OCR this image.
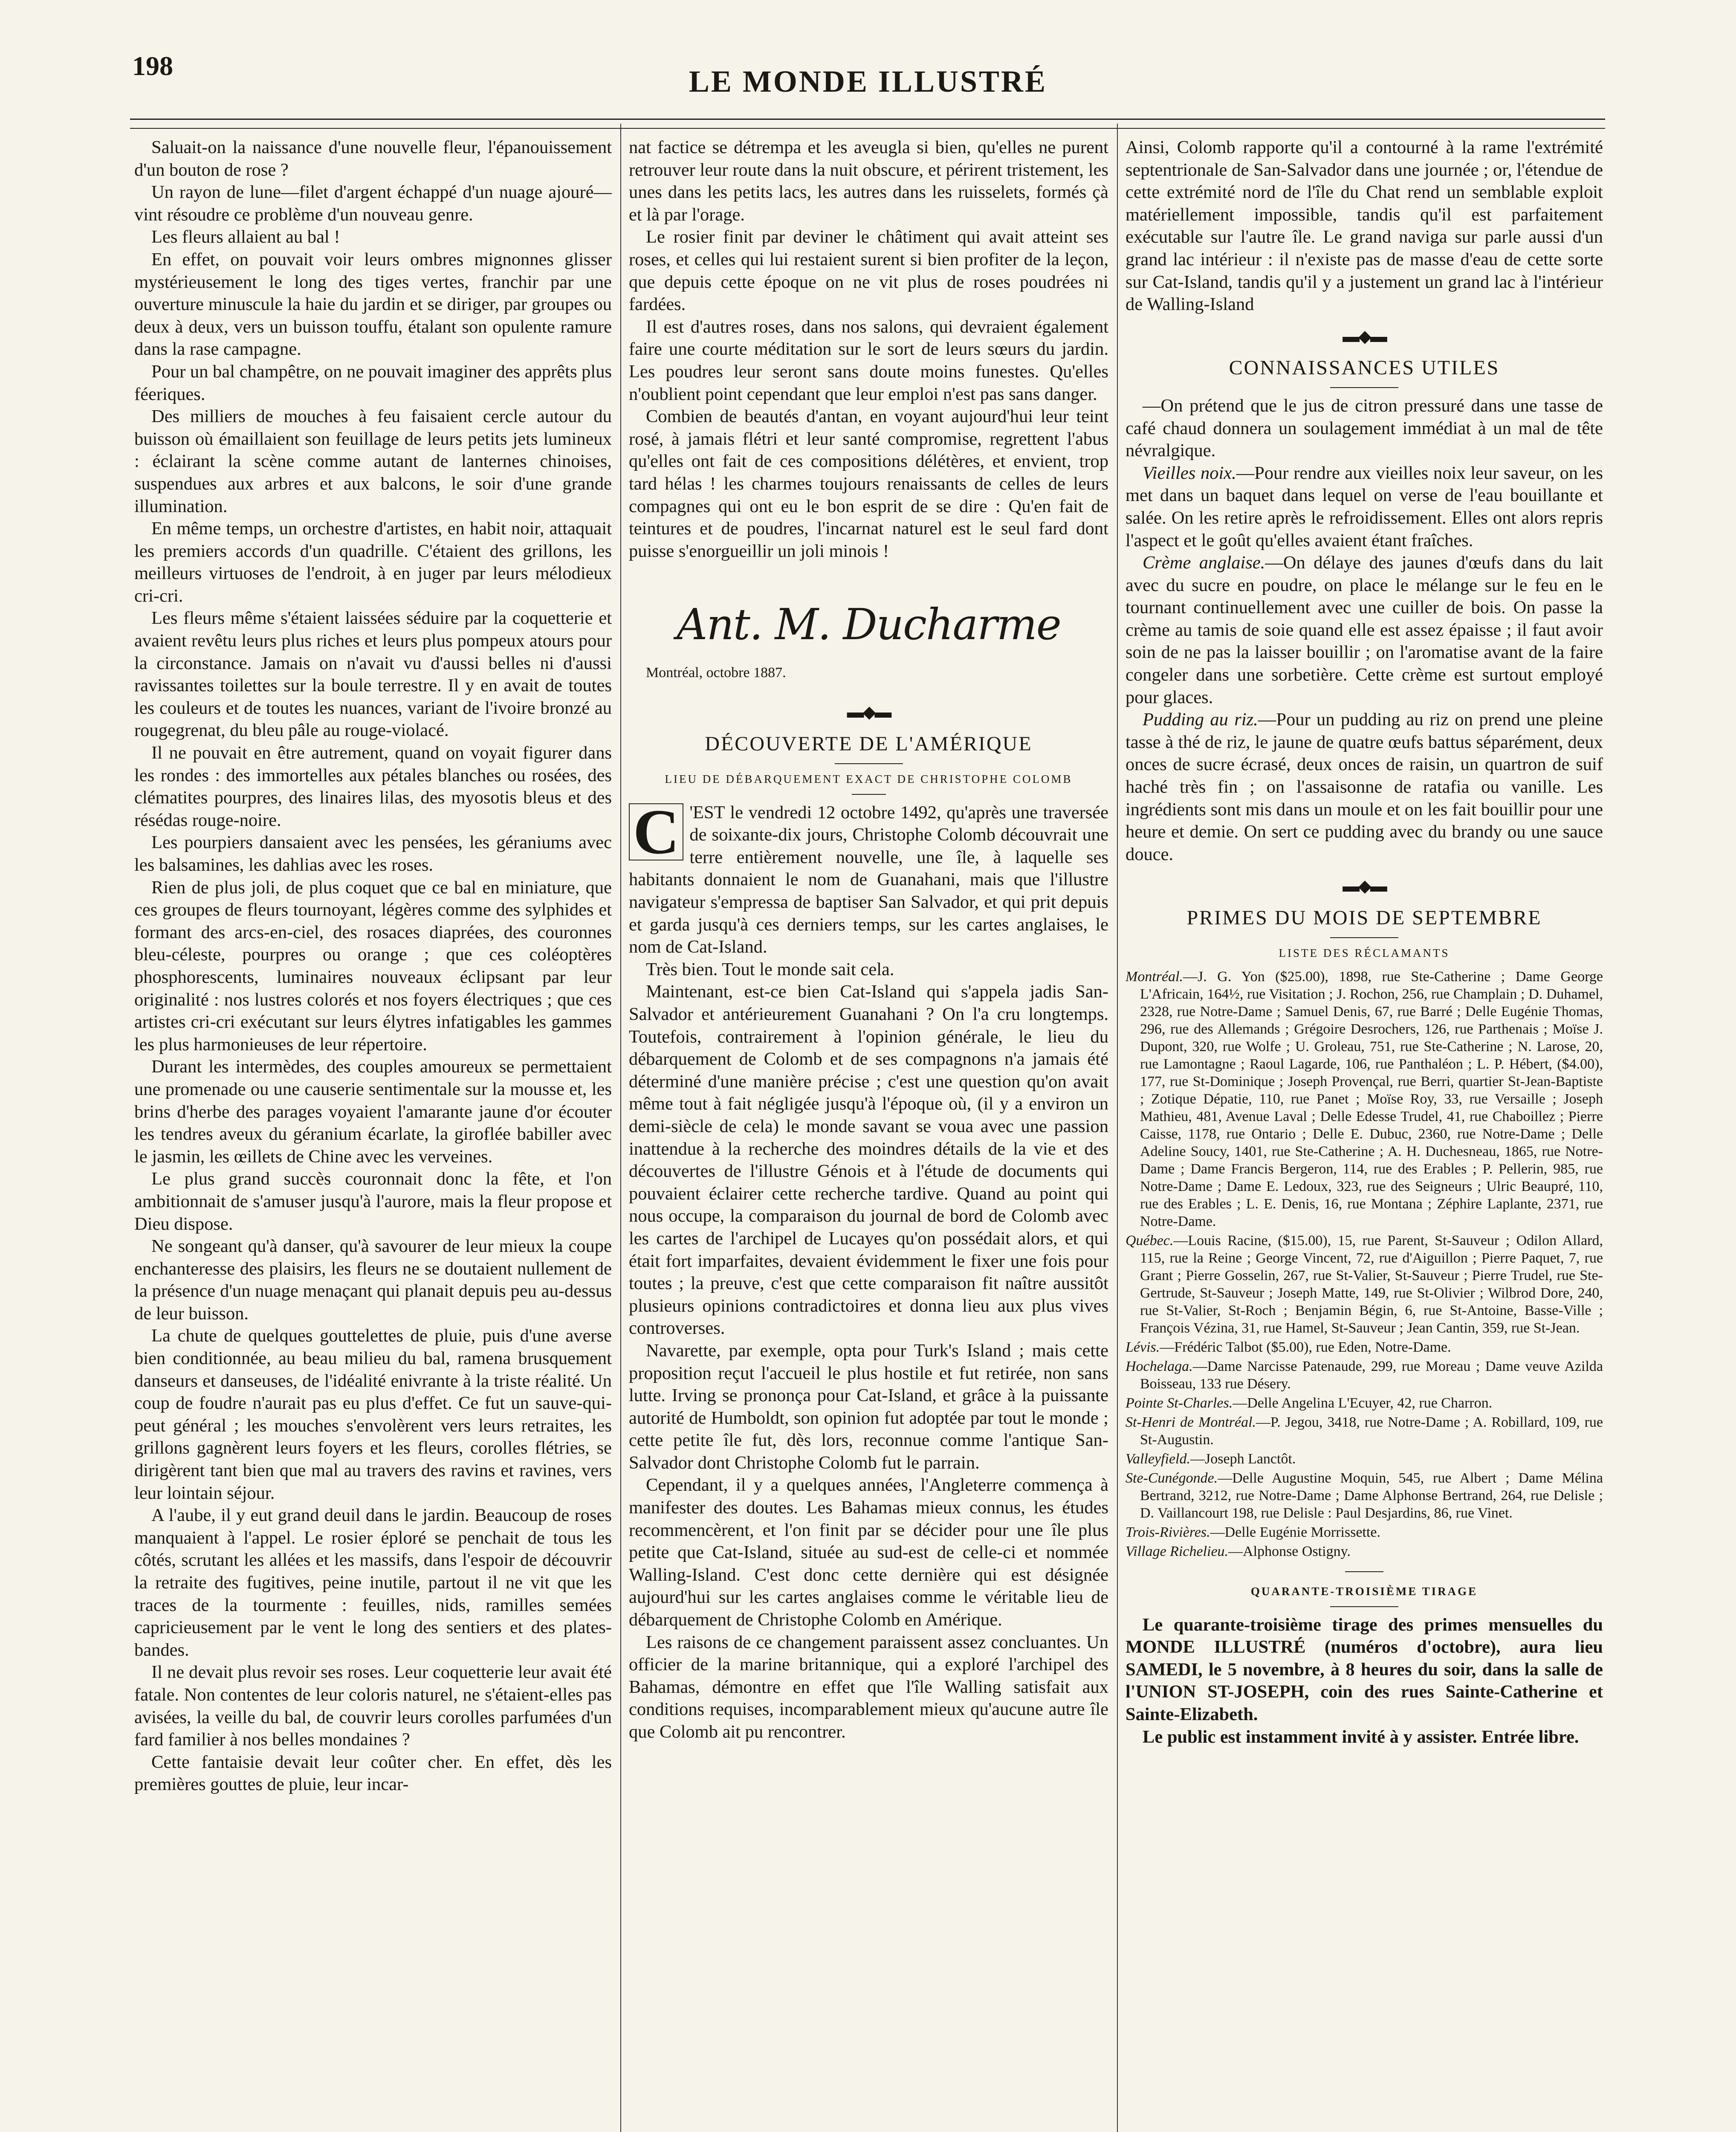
198	LE MONDE ILLUSTRÉ

Saluait-on la naissance d'une nouvelle fleur, l'épanouissement d'un bouton de rose ?

Un rayon de lune—filet d'argent échappé d'un nuage ajouré—vint résoudre ce problème d'un nouveau genre.

Les fleurs allaient au bal !

En effet, on pouvait voir leurs ombres mignonnes glisser mystérieusement le long des tiges vertes, franchir par une ouverture minuscule la haie du jardin et se diriger, par groupes ou deux à deux, vers un buisson touffu, étalant son opulente ramure dans la rase campagne.

Pour un bal champêtre, on ne pouvait imaginer des apprêts plus féeriques.

Des milliers de mouches à feu faisaient cercle autour du buisson où émaillaient son feuillage de leurs petits jets lumineux : éclairant la scène comme autant de lanternes chinoises, suspendues aux arbres et aux balcons, le soir d'une grande illumination.

En même temps, un orchestre d'artistes, en habit noir, attaquait les premiers accords d'un quadrille. C'étaient des grillons, les meilleurs virtuoses de l'endroit, à en juger par leurs mélodieux cri-cri.

Les fleurs même s'étaient laissées séduire par la coquetterie et avaient revêtu leurs plus riches et leurs plus pompeux atours pour la circonstance. Jamais on n'avait vu d'aussi belles ni d'aussi ravissantes toilettes sur la boule terrestre. Il y en avait de toutes les couleurs et de toutes les nuances, variant de l'ivoire bronzé au rougegrenat, du bleu pâle au rouge-violacé.

Il ne pouvait en être autrement, quand on voyait figurer dans les rondes : des immortelles aux pétales blanches ou rosées, des clématites pourpres, des linaires lilas, des myosotis bleus et des résédas rouge-noire.

Les pourpiers dansaient avec les pensées, les géraniums avec les balsamines, les dahlias avec les roses.

Rien de plus joli, de plus coquet que ce bal en miniature, que ces groupes de fleurs tournoyant, légères comme des sylphides et formant des arcs-en-ciel, des rosaces diaprées, des couronnes bleu-céleste, pourpres ou orange ; que ces coléoptères phosphorescents, luminaires nouveaux éclipsant par leur originalité : nos lustres colorés et nos foyers électriques ; que ces artistes cri-cri exécutant sur leurs élytres infatigables les gammes les plus harmonieuses de leur répertoire.

Durant les intermèdes, des couples amoureux se permettaient une promenade ou une causerie sentimentale sur la mousse et, les brins d'herbe des parages voyaient l'amarante jaune d'or écouter les tendres aveux du géranium écarlate, la giroflée babiller avec le jasmin, les œillets de Chine avec les verveines.

Le plus grand succès couronnait donc la fête, et l'on ambitionnait de s'amuser jusqu'à l'aurore, mais la fleur propose et Dieu dispose.

Ne songeant qu'à danser, qu'à savourer de leur mieux la coupe enchanteresse des plaisirs, les fleurs ne se doutaient nullement de la présence d'un nuage menaçant qui planait depuis peu au-dessus de leur buisson.

La chute de quelques gouttelettes de pluie, puis d'une averse bien conditionnée, au beau milieu du bal, ramena brusquement danseurs et danseuses, de l'idéalité enivrante à la triste réalité. Un coup de foudre n'aurait pas eu plus d'effet. Ce fut un sauve-qui-peut général ; les mouches s'envolèrent vers leurs retraites, les grillons gagnèrent leurs foyers et les fleurs, corolles flétries, se dirigèrent tant bien que mal au travers des ravins et ravines, vers leur lointain séjour.

A l'aube, il y eut grand deuil dans le jardin. Beaucoup de roses manquaient à l'appel. Le rosier éploré se penchait de tous les côtés, scrutant les allées et les massifs, dans l'espoir de découvrir la retraite des fugitives, peine inutile, partout il ne vit que les traces de la tourmente : feuilles, nids, ramilles semées capricieusement par le vent le long des sentiers et des plates-bandes.

Il ne devait plus revoir ses roses. Leur coquetterie leur avait été fatale. Non contentes de leur coloris naturel, ne s'étaient-elles pas avisées, la veille du bal, de couvrir leurs corolles parfumées d'un fard familier à nos belles mondaines ?

Cette fantaisie devait leur coûter cher. En effet, dès les premières gouttes de pluie, leur incar-

nat factice se détrempa et les aveugla si bien, qu'elles ne purent retrouver leur route dans la nuit obscure, et périrent tristement, les unes dans les petits lacs, les autres dans les ruisselets, formés çà et là par l'orage.

Le rosier finit par deviner le châtiment qui avait atteint ses roses, et celles qui lui restaient surent si bien profiter de la leçon, que depuis cette époque on ne vit plus de roses poudrées ni fardées.

Il est d'autres roses, dans nos salons, qui devraient également faire une courte méditation sur le sort de leurs sœurs du jardin. Les poudres leur seront sans doute moins funestes. Qu'elles n'oublient point cependant que leur emploi n'est pas sans danger.

Combien de beautés d'antan, en voyant aujourd'hui leur teint rosé, à jamais flétri et leur santé compromise, regrettent l'abus qu'elles ont fait de ces compositions délétères, et envient, trop tard hélas ! les charmes toujours renaissants de celles de leurs compagnes qui ont eu le bon esprit de se dire : Qu'en fait de teintures et de poudres, l'incarnat naturel est le seul fard dont puisse s'enorgueillir un joli minois !

Ant. M. Ducharme
Montréal, octobre 1887.
▬◆▬
DÉCOUVERTE DE L'AMÉRIQUE
LIEU DE DÉBARQUEMENT EXACT DE CHRISTOPHE COLOMB

C 'EST le vendredi 12 octobre 1492, qu'après une traversée de soixante-dix jours, Christophe Colomb découvrait une terre entièrement nouvelle, une île, à laquelle ses habitants donnaient le nom de Guanahani, mais que l'illustre navigateur s'empressa de baptiser San Salvador, et qui prit depuis et garda jusqu'à ces derniers temps, sur les cartes anglaises, le nom de Cat-Island.

Très bien. Tout le monde sait cela.

Maintenant, est-ce bien Cat-Island qui s'appela jadis San-Salvador et antérieurement Guanahani ? On l'a cru longtemps. Toutefois, contrairement à l'opinion générale, le lieu du débarquement de Colomb et de ses compagnons n'a jamais été déterminé d'une manière précise ; c'est une question qu'on avait même tout à fait négligée jusqu'à l'époque où, (il y a environ un demi-siècle de cela) le monde savant se voua avec une passion inattendue à la recherche des moindres détails de la vie et des découvertes de l'illustre Génois et à l'étude de documents qui pouvaient éclairer cette recherche tardive. Quand au point qui nous occupe, la comparaison du journal de bord de Colomb avec les cartes de l'archipel de Lucayes qu'on possédait alors, et qui était fort imparfaites, devaient évidemment le fixer une fois pour toutes ; la preuve, c'est que cette comparaison fit naître aussitôt plusieurs opinions contradictoires et donna lieu aux plus vives controverses.

Navarette, par exemple, opta pour Turk's Island ; mais cette proposition reçut l'accueil le plus hostile et fut retirée, non sans lutte. Irving se prononça pour Cat-Island, et grâce à la puissante autorité de Humboldt, son opinion fut adoptée par tout le monde ; cette petite île fut, dès lors, reconnue comme l'antique San-Salvador dont Christophe Colomb fut le parrain.

Cependant, il y a quelques années, l'Angleterre commença à manifester des doutes. Les Bahamas mieux connus, les études recommencèrent, et l'on finit par se décider pour une île plus petite que Cat-Island, située au sud-est de celle-ci et nommée Walling-Island. C'est donc cette dernière qui est désignée aujourd'hui sur les cartes anglaises comme le véritable lieu de débarquement de Christophe Colomb en Amérique.

Les raisons de ce changement paraissent assez concluantes. Un officier de la marine britannique, qui a exploré l'archipel des Bahamas, démontre en effet que l'île Walling satisfait aux conditions requises, incomparablement mieux qu'aucune autre île que Colomb ait pu rencontrer.

Ainsi, Colomb rapporte qu'il a contourné à la rame l'extrémité septentrionale de San-Salvador dans une journée ; or, l'étendue de cette extrémité nord de l'île du Chat rend un semblable exploit matériellement impossible, tandis qu'il est parfaitement exécutable sur l'autre île. Le grand naviga sur parle aussi d'un grand lac intérieur : il n'existe pas de masse d'eau de cette sorte sur Cat-Island, tandis qu'il y a justement un grand lac à l'intérieur de Walling-Island

▬◆▬
CONNAISSANCES UTILES

—On prétend que le jus de citron pressuré dans une tasse de café chaud donnera un soulagement immédiat à un mal de tête névralgique.

Vieilles noix.—Pour rendre aux vieilles noix leur saveur, on les met dans un baquet dans lequel on verse de l'eau bouillante et salée. On les retire après le refroidissement. Elles ont alors repris l'aspect et le goût qu'elles avaient étant fraîches.

Crème anglaise.—On délaye des jaunes d'œufs dans du lait avec du sucre en poudre, on place le mélange sur le feu en le tournant continuellement avec une cuiller de bois. On passe la crème au tamis de soie quand elle est assez épaisse ; il faut avoir soin de ne pas la laisser bouillir ; on l'aromatise avant de la faire congeler dans une sorbetière. Cette crème est surtout employé pour glaces.

Pudding au riz.—Pour un pudding au riz on prend une pleine tasse à thé de riz, le jaune de quatre œufs battus séparément, deux onces de sucre écrasé, deux onces de raisin, un quartron de suif haché très fin ; on l'assaisonne de ratafia ou vanille. Les ingrédients sont mis dans un moule et on les fait bouillir pour une heure et demie. On sert ce pudding avec du brandy ou une sauce douce.

▬◆▬
PRIMES DU MOIS DE SEPTEMBRE
LISTE DES RÉCLAMANTS

Montréal.—J. G. Yon ($25.00), 1898, rue Ste-Catherine ; Dame George L'Africain, 164½, rue Visitation ; J. Rochon, 256, rue Champlain ; D. Duhamel, 2328, rue Notre-Dame ; Samuel Denis, 67, rue Barré ; Delle Eugénie Thomas, 296, rue des Allemands ; Grégoire Desrochers, 126, rue Parthenais ; Moïse J. Dupont, 320, rue Wolfe ; U. Groleau, 751, rue Ste-Catherine ; N. Larose, 20, rue Lamontagne ; Raoul Lagarde, 106, rue Panthaléon ; L. P. Hébert, ($4.00), 177, rue St-Dominique ; Joseph Provençal, rue Berri, quartier St-Jean-Baptiste ; Zotique Dépatie, 110, rue Panet ; Moïse Roy, 33, rue Versaille ; Joseph Mathieu, 481, Avenue Laval ; Delle Edesse Trudel, 41, rue Chaboillez ; Pierre Caisse, 1178, rue Ontario ; Delle E. Dubuc, 2360, rue Notre-Dame ; Delle Adeline Soucy, 1401, rue Ste-Catherine ; A. H. Duchesneau, 1865, rue Notre-Dame ; Dame Francis Bergeron, 114, rue des Erables ; P. Pellerin, 985, rue Notre-Dame ; Dame E. Ledoux, 323, rue des Seigneurs ; Ulric Beaupré, 110, rue des Erables ; L. E. Denis, 16, rue Montana ; Zéphire Laplante, 2371, rue Notre-Dame.

Québec.—Louis Racine, ($15.00), 15, rue Parent, St-Sauveur ; Odilon Allard, 115, rue la Reine ; George Vincent, 72, rue d'Aiguillon ; Pierre Paquet, 7, rue Grant ; Pierre Gosselin, 267, rue St-Valier, St-Sauveur ; Pierre Trudel, rue Ste-Gertrude, St-Sauveur ; Joseph Matte, 149, rue St-Olivier ; Wilbrod Dore, 240, rue St-Valier, St-Roch ; Benjamin Bégin, 6, rue St-Antoine, Basse-Ville ; François Vézina, 31, rue Hamel, St-Sauveur ; Jean Cantin, 359, rue St-Jean.

Lévis.—Frédéric Talbot ($5.00), rue Eden, Notre-Dame.

Hochelaga.—Dame Narcisse Patenaude, 299, rue Moreau ; Dame veuve Azilda Boisseau, 133 rue Désery.

Pointe St-Charles.—Delle Angelina L'Ecuyer, 42, rue Charron.

St-Henri de Montréal.—P. Jegou, 3418, rue Notre-Dame ; A. Robillard, 109, rue St-Augustin.

Valleyfield.—Joseph Lanctôt.

Ste-Cunégonde.—Delle Augustine Moquin, 545, rue Albert ; Dame Mélina Bertrand, 3212, rue Notre-Dame ; Dame Alphonse Bertrand, 264, rue Delisle ; D. Vaillancourt 198, rue Delisle : Paul Desjardins, 86, rue Vinet.

Trois-Rivières.—Delle Eugénie Morrissette.

Village Richelieu.—Alphonse Ostigny.

QUARANTE-TROISIÈME TIRAGE

Le quarante-troisième tirage des primes mensuelles du MONDE ILLUSTRÉ (numéros d'octobre), aura lieu SAMEDI, le 5 novembre, à 8 heures du soir, dans la salle de l'UNION ST-JOSEPH, coin des rues Sainte-Catherine et Sainte-Elizabeth.

Le public est instamment invité à y assister. Entrée libre.
